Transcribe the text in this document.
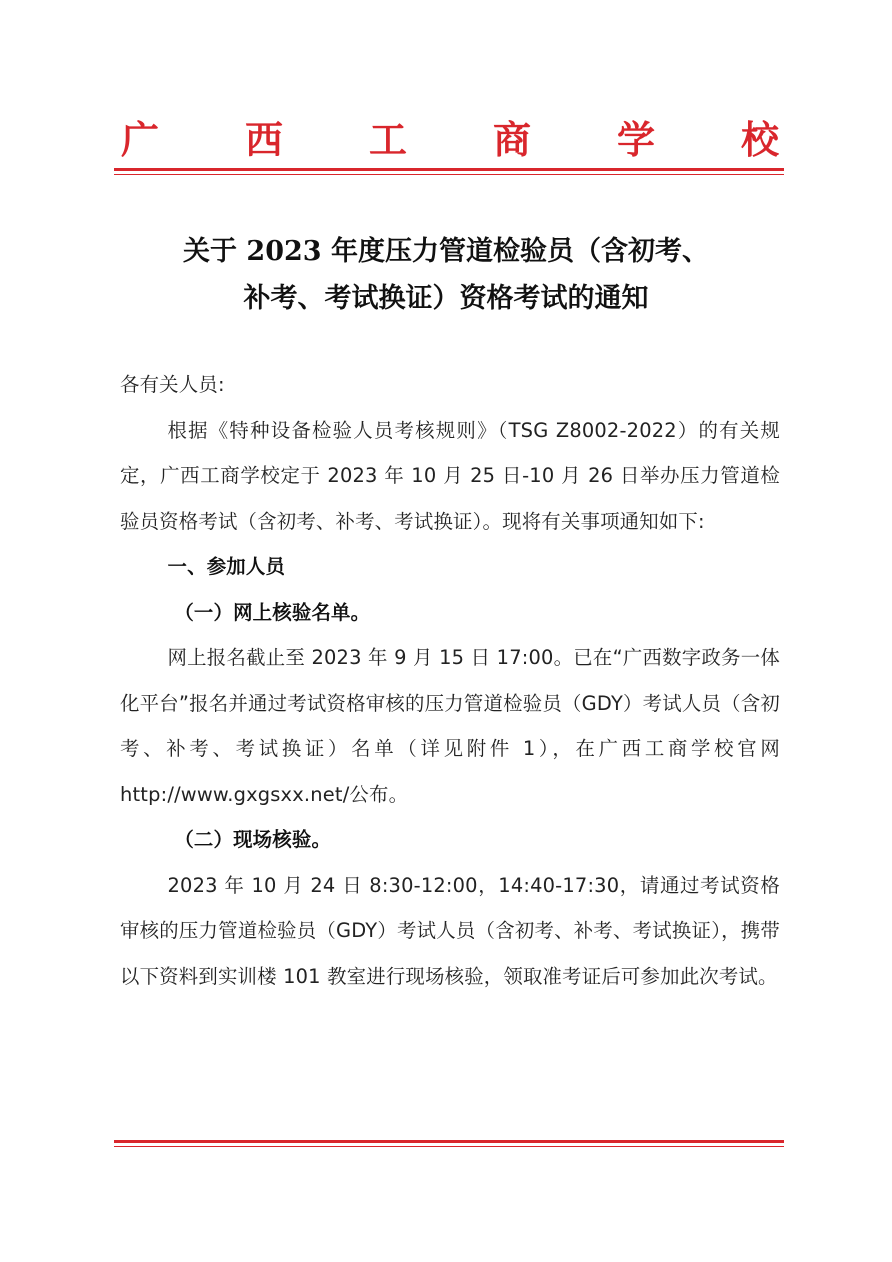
广 西 工 商 学 校
关于 2023 年度压力管道检验员（含初考、
补考、考试换证）资格考试的通知

各有关人员:

根据《特种设备检验人员考核规则》（TSG Z8002-2022）的有关规定，广西工商学校定于 2023 年 10 月 25 日-10 月 26 日举办压力管道检验员资格考试（含初考、补考、考试换证）。现将有关事项通知如下:

一、参加人员

（一）网上核验名单。

网上报名截止至 2023 年 9 月 15 日 17:00。已在“广西数字政务一体化平台”报名并通过考试资格审核的压力管道检验员（GDY）考试人员（含初考、补考、考试换证）名单（详见附件 1），在广西工商学校官网 http://www.gxgsxx.net/公布。

（二）现场核验。

2023 年 10 月 24 日 8:30-12:00，14:40-17:30，请通过考试资格审核的压力管道检验员（GDY）考试人员（含初考、补考、考试换证），携带以下资料到实训楼 101 教室进行现场核验，领取准考证后可参加此次考试。
